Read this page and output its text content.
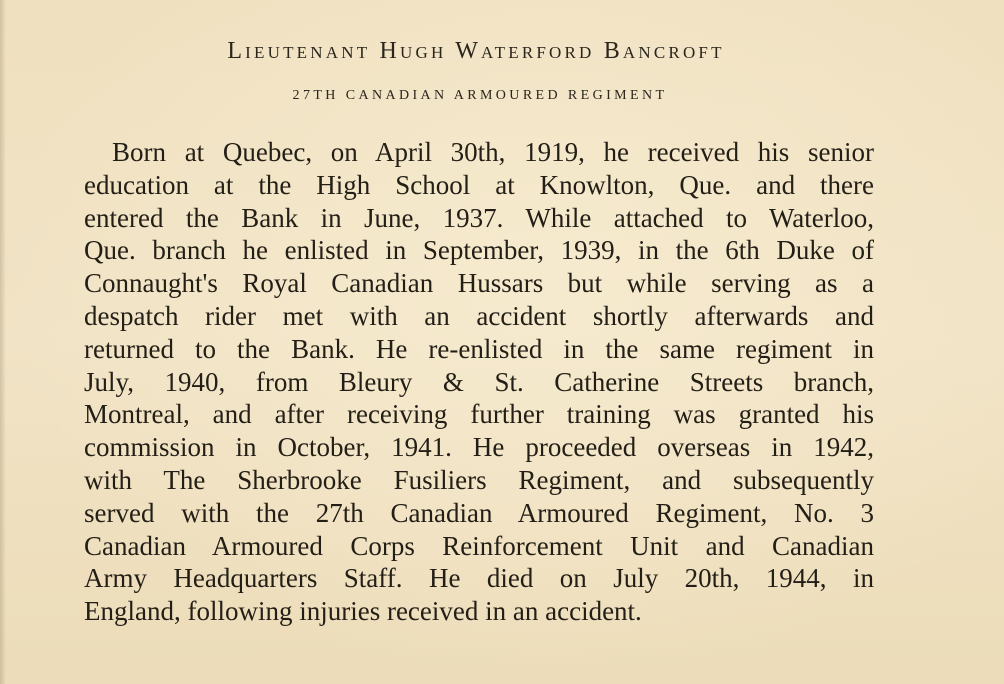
Lieutenant Hugh Waterford Bancroft
27TH CANADIAN ARMOURED REGIMENT
Born at Quebec, on April 30th, 1919, he received his senior
education at the High School at Knowlton, Que. and there
entered the Bank in June, 1937. While attached to Waterloo,
Que. branch he enlisted in September, 1939, in the 6th Duke of
Connaught's Royal Canadian Hussars but while serving as a
despatch rider met with an accident shortly afterwards and
returned to the Bank. He re-enlisted in the same regiment in
July, 1940, from Bleury & St. Catherine Streets branch,
Montreal, and after receiving further training was granted his
commission in October, 1941. He proceeded overseas in 1942,
with The Sherbrooke Fusiliers Regiment, and subsequently
served with the 27th Canadian Armoured Regiment, No. 3
Canadian Armoured Corps Reinforcement Unit and Canadian
Army Headquarters Staff. He died on July 20th, 1944, in
England, following injuries received in an accident.
